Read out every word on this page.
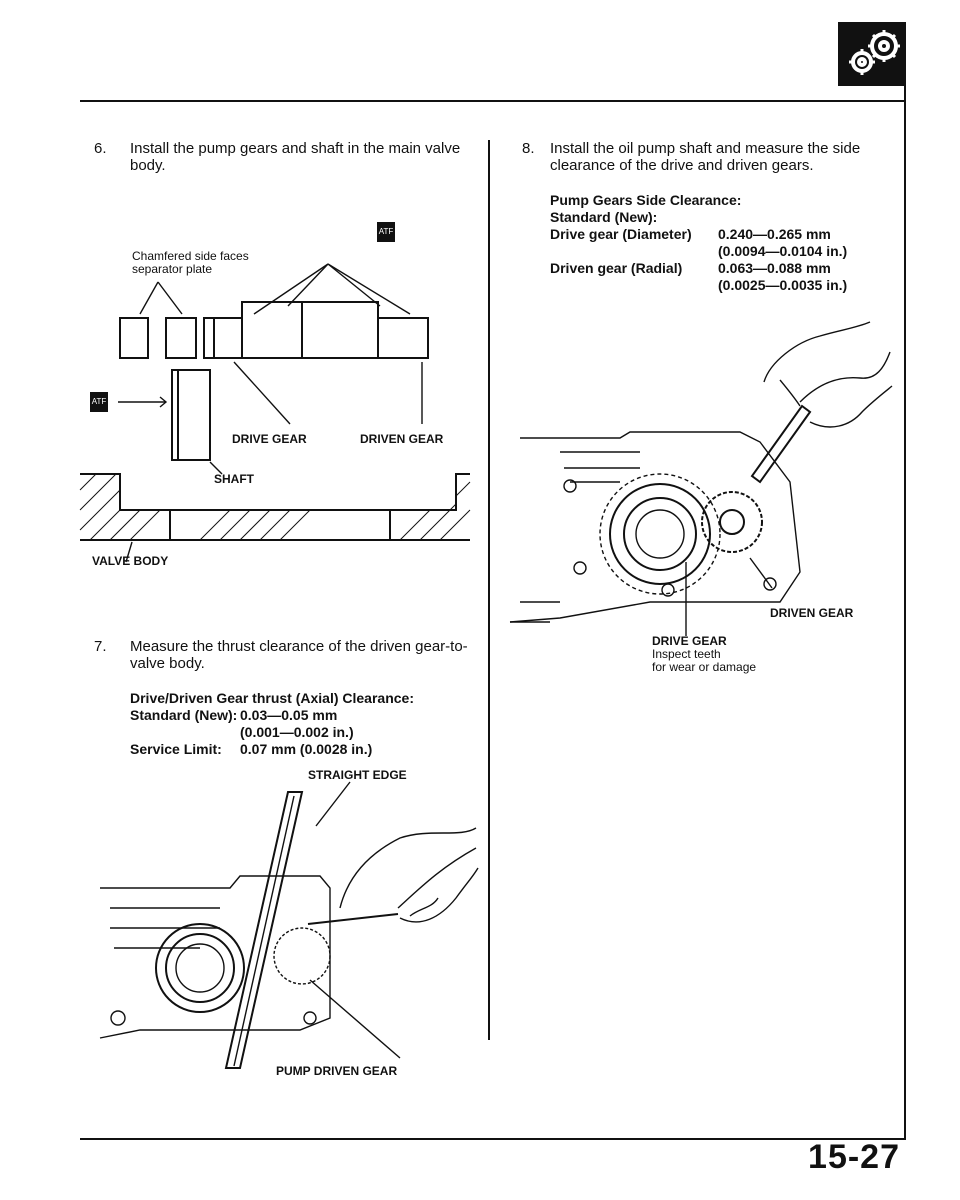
6. Install the pump gears and shaft in the main valve body.
Chamfered side faces
separator plate
ATF
ATF
DRIVE GEAR	DRIVEN GEAR
SHAFT
VALVE BODY
7. Measure the thrust clearance of the driven gear-to-valve body.
Drive/Driven Gear thrust (Axial) Clearance:
Standard (New): 0.03—0.05 mm
(0.001—0.002 in.)
Service Limit:	0.07 mm (0.0028 in.)
STRAIGHT EDGE
PUMP DRIVEN GEAR
8. Install the oil pump shaft and measure the side clearance of the drive and driven gears.
Pump Gears Side Clearance:
Standard (New):
Drive gear (Diameter)	0.240—0.265 mm
(0.0094—0.0104 in.)
Driven gear (Radial)	0.063—0.088 mm
(0.0025—0.0035 in.)
DRIVEN GEAR
DRIVE GEAR
Inspect teeth
for wear or damage
15-27
